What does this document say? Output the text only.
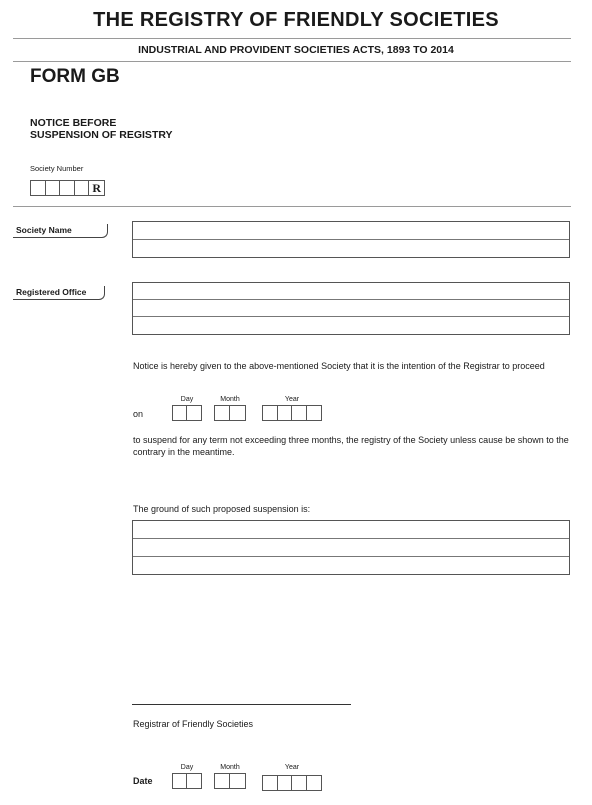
THE REGISTRY OF FRIENDLY SOCIETIES
INDUSTRIAL AND PROVIDENT SOCIETIES ACTS, 1893 TO 2014
FORM GB
NOTICE BEFORE
SUSPENSION OF REGISTRY
Society Number
R
Society Name
Registered Office
Notice is hereby given to the above-mentioned Society that it is the intention of the Registrar to proceed
Day	Month	Year
on
to suspend for any term not exceeding three months, the registry of the Society unless cause be shown to the contrary in the meantime.
The ground of such proposed suspension is:
Registrar of Friendly Societies
Day	Month	Year
Date
